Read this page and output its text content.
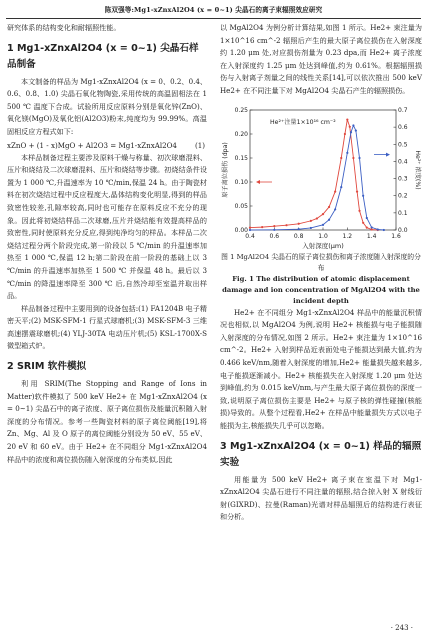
陈双强等:Mg1-xZnxAl2O4 (x = 0~1) 尖晶石的离子束辐照效应研究

研究体系的结构变化和耐辐照性能。

1 Mg1-xZnxAl2O4 (x = 0~1) 尖晶石样品制备

本文制备的样品为 Mg1-xZnxAl2O4 (x = 0、0.2、0.4、0.6、0.8、1.0) 尖晶石氧化物陶瓷,采用传统的高温固相法在 1 500 ℃ 温度下合成。试验所用反应原料分别是氧化锌(ZnO)、氧化镁(MgO)及氧化铝(Al2O3)粉末,纯度均为 99.99%。高温固相反应方程式如下:

xZnO + (1 - x)MgO + Al2O3 = Mg1-xZnxAl2O4	(1)

本样品制备过程主要涉及原料干燥与称量、初次球磨混料、压片和烧结及二次球磨混料、压片和烧结等步骤。初烧结条件设置为 1 000 ℃,升温速率为 10 ℃/min,保温 24 h。由于陶瓷材料在初次烧结过程中反应程度大,晶体结构变化明显,得到的样品致密性较差,孔隙率较高,同时也可能存在原料反应不充分的现象。因此将初烧结样品二次球磨,压片并烧结能有效提高样品的致密性,同时使原料充分反应,得到纯净均匀的样品。本样品二次烧结过程分两个阶段完成,第一阶段以 5 ℃/min 的升温速率加热至 1 000 ℃,保温 12 h;第二阶段在前一阶段的基础上以 3 ℃/min 的升温速率加热至 1 500 ℃ 并保温 48 h。最后以 3 ℃/min 的降温速率降至 300 ℃ 后,自然冷却至室温并取出样品。

样品制备过程中主要用到的设备包括:(1) FA1204B 电子精密天平;(2) MSK-SFM-1 行星式球磨机;(3) MSK-SFM-3 三维高速摆震球磨机;(4) YLJ-30TA 电动压片机;(5) KSL-1700X-S 微型箱式炉。

2 SRIM 软件模拟

利用 SRIM(The Stopping and Range of Ions in Matter)软件模拟了 500 keV He2+ 在 Mg1-xZnxAl2O4 (x = 0~1) 尖晶石中的离子浓度、原子离位损伤及能量沉积随入射深度的分布情况。参考一些陶瓷材料的原子离位阈能[19],将 Zn、Mg、Al 及 O 原子的离位阈能分别设为 50 eV、55 eV、20 eV 和 60 eV。由于 He2+ 在不同组分 Mg1-xZnxAl2O4 样品中的浓度和离位损伤随入射深度的分布类似,因此

以 MgAl2O4 为例分析计算结果,如图 1 所示。He2+ 束注量为 1×10^16 cm^-2 辐照后产生的最大原子离位损伤在入射深度约 1.20 μm 处,对应损伤剂量为 0.23 dpa,而 He2+ 离子浓度在入射深度约 1.25 μm 处达到峰值,约为 0.61%。根据辐照损伤与入射离子剂量之间的线性关系[14],可以依次推出 500 keV He2+ 在不同注量下对 MgAl2O4 尖晶石产生的辐照损伤。

0.4 0.6 0.8 1.0 1.2 1.4 1.6
0.00
0.05
0.10
0.15
0.20
0.25
0.0
0.1
0.2
0.3
0.4
0.5
0.6
0.7
入射深度(μm)
原子离位损伤 (dpa)	He²⁺ 浓度(%)
He²⁺注量1×10¹⁶ cm⁻²

图 1 MgAl2O4 尖晶石的原子离位损伤和离子浓度随入射深度的分布

Fig. 1 The distribution of atomic displacement damage and ion concentration of MgAl2O4 with the incident depth

He2+ 在不同组分 Mg1-xZnxAl2O4 样品中的能量沉积情况也相似,以 MgAl2O4 为例,说明 He2+ 核能损与电子能损随入射深度的分布情况,如图 2 所示。He2+ 束注量为 1×10^16 cm^-2。He2+ 入射到样品近表面处电子能损达到最大值,约为 0.466 keV/nm,随着入射深度的增加,He2+ 能量损失越来越多,电子能损逐渐减小。He2+ 核能损失在入射深度 1.20 μm 处达到峰值,约为 0.015 keV/nm,与产生最大原子离位损伤的深度一致,说明原子离位损伤主要是 He2+ 与原子核的弹性碰撞(核能损)导致的。从整个过程看,He2+ 在样品中能量损失方式以电子能损为主,核能损失几乎可以忽略。

3 Mg1-xZnxAl2O4 (x = 0~1) 样品的辐照实验

用能量为 500 keV He2+ 离子束在室温下对 Mg1-xZnxAl2O4 尖晶石进行不同注量的辐照,结合掠入射 X 射线衍射(GIXRD)、拉曼(Raman)光谱对样品辐照后的结构进行表征和分析。

· 243 ·
